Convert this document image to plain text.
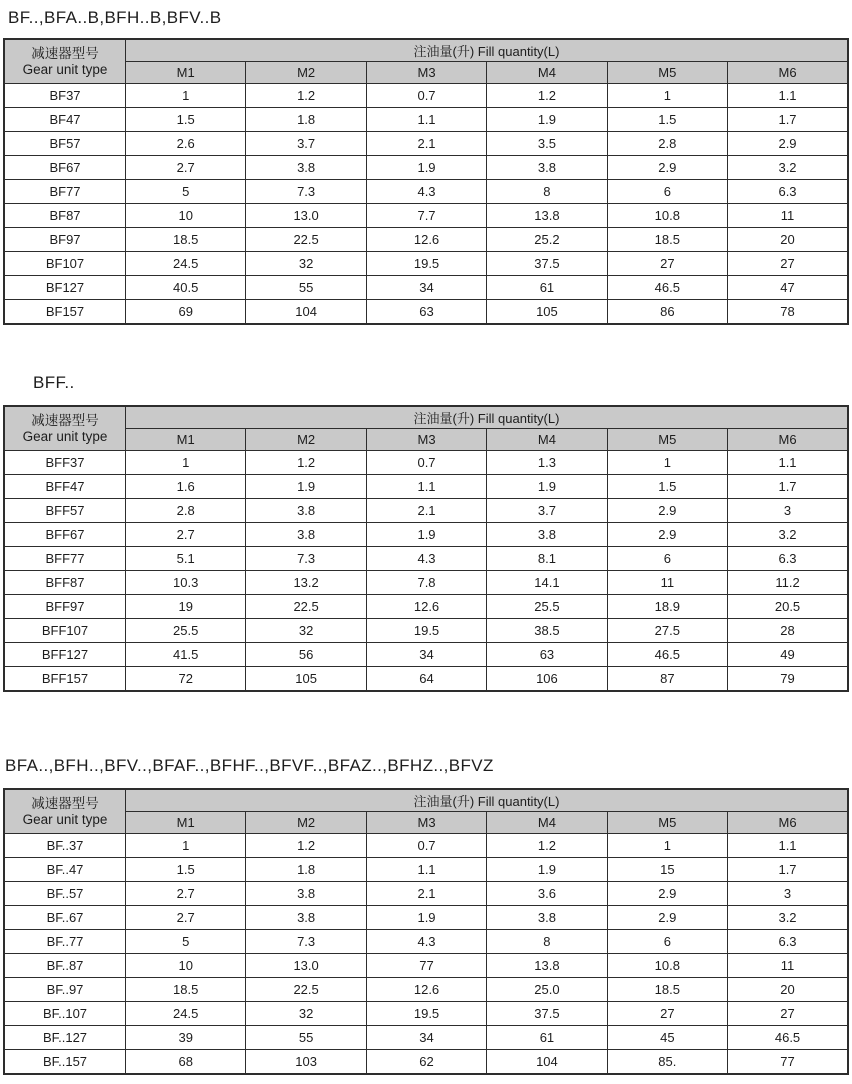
BF..,BFA..B,BFH..B,BFV..B
减速器型号
Gear unit type	注油量(升) Fill quantity(L)					
	M1	M2	M3	M4	M5	M6
BF37	1	1.2	0.7	1.2	1	1.1
BF47	1.5	1.8	1.1	1.9	1.5	1.7
BF57	2.6	3.7	2.1	3.5	2.8	2.9
BF67	2.7	3.8	1.9	3.8	2.9	3.2
BF77	5	7.3	4.3	8	6	6.3
BF87	10	13.0	7.7	13.8	10.8	11
BF97	18.5	22.5	12.6	25.2	18.5	20
BF107	24.5	32	19.5	37.5	27	27
BF127	40.5	55	34	61	46.5	47
BF157	69	104	63	105	86	78
BFF..
减速器型号
Gear unit type	注油量(升) Fill quantity(L)					
	M1	M2	M3	M4	M5	M6
BFF37	1	1.2	0.7	1.3	1	1.1
BFF47	1.6	1.9	1.1	1.9	1.5	1.7
BFF57	2.8	3.8	2.1	3.7	2.9	3
BFF67	2.7	3.8	1.9	3.8	2.9	3.2
BFF77	5.1	7.3	4.3	8.1	6	6.3
BFF87	10.3	13.2	7.8	14.1	11	11.2
BFF97	19	22.5	12.6	25.5	18.9	20.5
BFF107	25.5	32	19.5	38.5	27.5	28
BFF127	41.5	56	34	63	46.5	49
BFF157	72	105	64	106	87	79
BFA..,BFH..,BFV..,BFAF..,BFHF..,BFVF..,BFAZ..,BFHZ..,BFVZ
减速器型号
Gear unit type	注油量(升) Fill quantity(L)					
	M1	M2	M3	M4	M5	M6
BF..37	1	1.2	0.7	1.2	1	1.1
BF..47	1.5	1.8	1.1	1.9	15	1.7
BF..57	2.7	3.8	2.1	3.6	2.9	3
BF..67	2.7	3.8	1.9	3.8	2.9	3.2
BF..77	5	7.3	4.3	8	6	6.3
BF..87	10	13.0	77	13.8	10.8	11
BF..97	18.5	22.5	12.6	25.0	18.5	20
BF..107	24.5	32	19.5	37.5	27	27
BF..127	39	55	34	61	45	46.5
BF..157	68	103	62	104	85.	77
